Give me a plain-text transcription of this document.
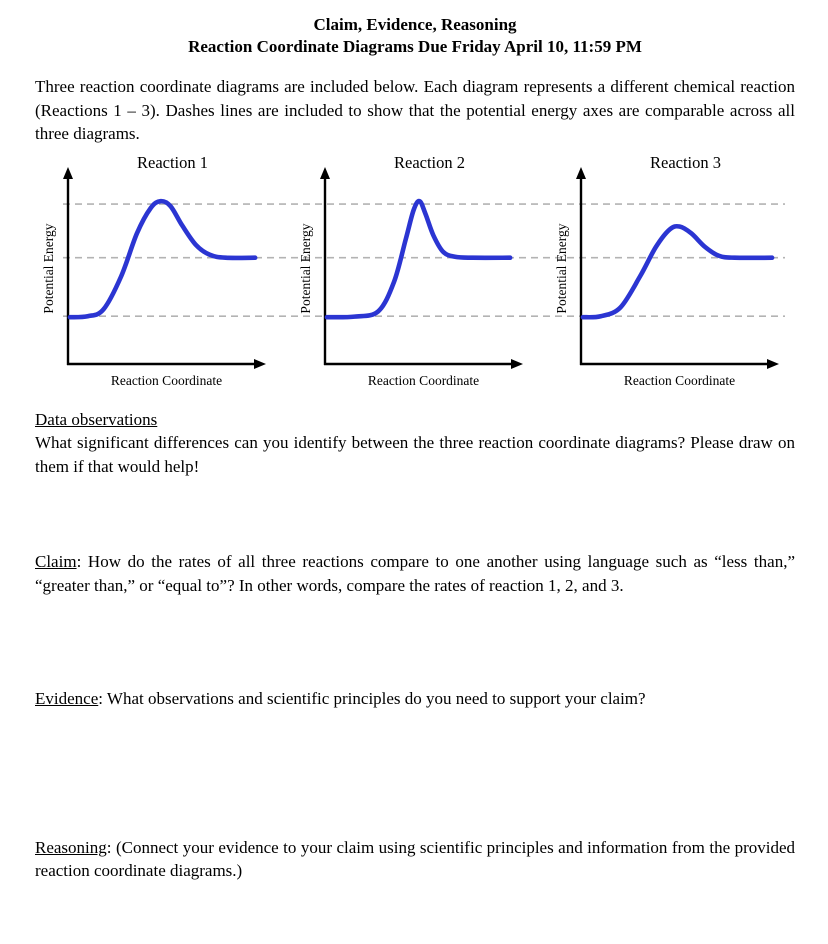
Claim, Evidence, Reasoning

Reaction Coordinate Diagrams Due Friday April 10, 11:59 PM

Three reaction coordinate diagrams are included below. Each diagram represents a different chemical reaction (Reactions 1 – 3). Dashes lines are included to show that the potential energy axes are comparable across all three diagrams.

Reaction 1
Reaction Coordinate
Potential Energy
Reaction 2
Reaction Coordinate
Potential Energy
Reaction 3
Reaction Coordinate
Potential Energy

Data observations
What significant differences can you identify between the three reaction coordinate diagrams? Please draw on them if that would help!

Claim: How do the rates of all three reactions compare to one another using language such as “less than,” “greater than,” or “equal to”? In other words, compare the rates of reaction 1, 2, and 3.

Evidence: What observations and scientific principles do you need to support your claim?

Reasoning: (Connect your evidence to your claim using scientific principles and information from the provided reaction coordinate diagrams.)
